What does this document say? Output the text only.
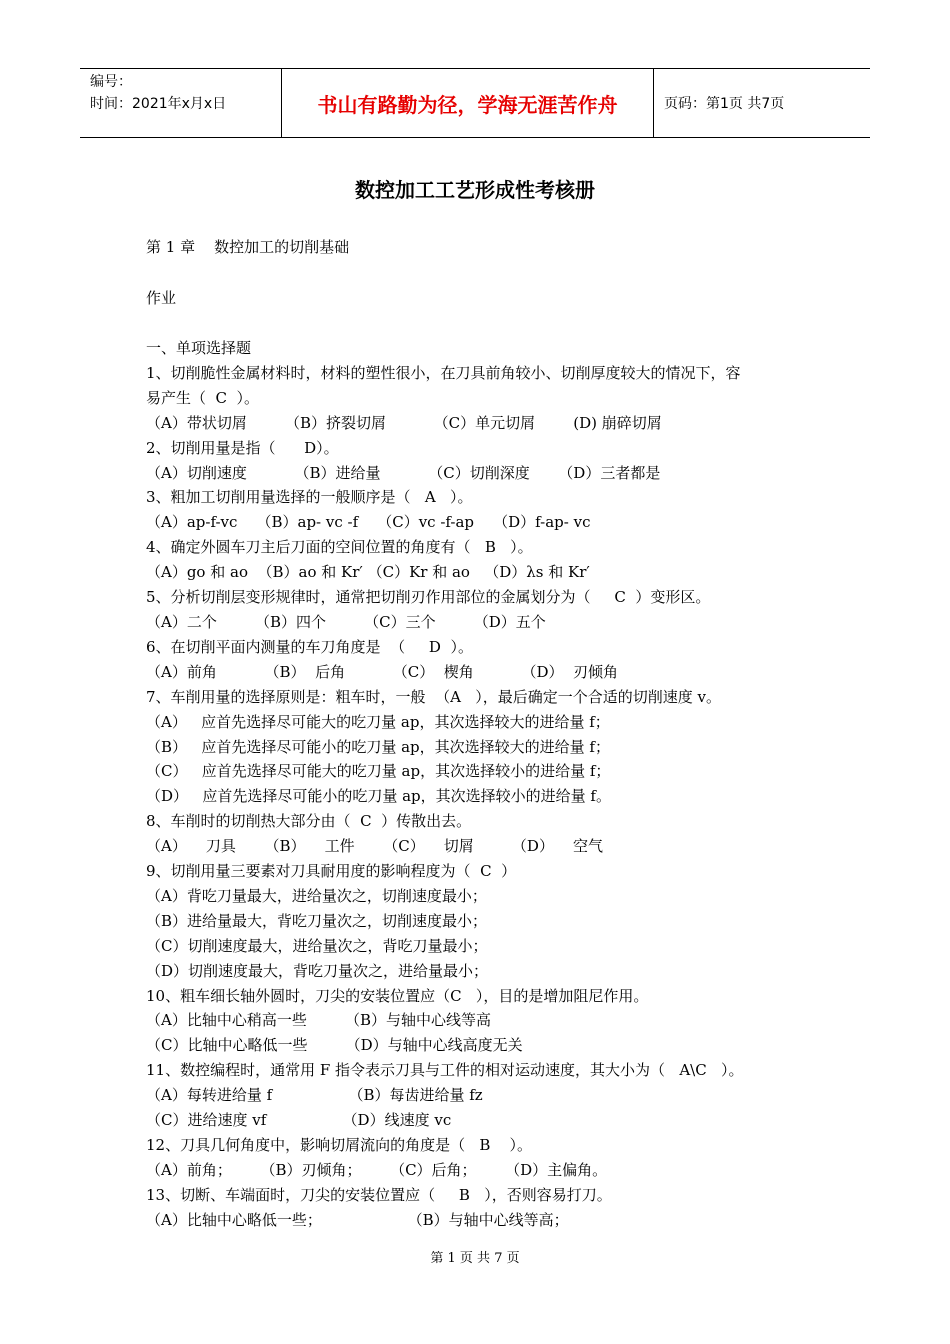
编号：
时间：2021年x月x日	书山有路勤为径，学海无涯苦作舟	页码：第1页 共7页
数控加工工艺形成性考核册
第 1 章    数控加工的切削基础
作业
一、单项选择题
1、切削脆性金属材料时，材料的塑性很小，在刀具前角较小、切削厚度较大的情况下，容
易产生（  C  ）。
（A）带状切屑        （B）挤裂切屑          （C）单元切屑        (D) 崩碎切屑
2、切削用量是指（      D）。
（A）切削速度          （B）进给量          （C）切削深度      （D）三者都是
3、粗加工切削用量选择的一般顺序是（   A   ）。
（A）ap-f-vc    （B）ap- vc -f    （C）vc -f-ap    （D）f-ap- vc
4、确定外圆车刀主后刀面的空间位置的角度有（   B   ）。
（A）go 和 ao  （B）ao 和 Kr′ （C）Kr 和 ao   （D）λs 和 Kr′
5、分析切削层变形规律时，通常把切削刃作用部位的金属划分为（     C  ）变形区。
（A）二个        （B）四个        （C）三个        （D）五个
6、在切削平面内测量的车刀角度是  （     D  ）。
（A）前角          （B）  后角          （C）  楔角          （D）  刃倾角
7、车削用量的选择原则是：粗车时，一般  （A   ），最后确定一个合适的切削速度 v。
（A）   应首先选择尽可能大的吃刀量 ap，其次选择较大的进给量 f；
（B）   应首先选择尽可能小的吃刀量 ap，其次选择较大的进给量 f；
（C）   应首先选择尽可能大的吃刀量 ap，其次选择较小的进给量 f；
（D）   应首先选择尽可能小的吃刀量 ap，其次选择较小的进给量 f。
8、车削时的切削热大部分由（  C  ）传散出去。
（A）    刀具      （B）    工件      （C）    切屑        （D）    空气
9、切削用量三要素对刀具耐用度的影响程度为（  C  ）
（A）背吃刀量最大，进给量次之，切削速度最小；
（B）进给量最大，背吃刀量次之，切削速度最小；
（C）切削速度最大，进给量次之，背吃刀量最小；
（D）切削速度最大，背吃刀量次之，进给量最小；
10、粗车细长轴外圆时，刀尖的安装位置应（C   ），目的是增加阻尼作用。
（A）比轴中心稍高一些        （B）与轴中心线等高
（C）比轴中心略低一些        （D）与轴中心线高度无关
11、数控编程时，通常用 F 指令表示刀具与工件的相对运动速度，其大小为（   A\C   ）。
（A）每转进给量 f                （B）每齿进给量 fz
（C）进给速度 vf                （D）线速度 vc
12、刀具几何角度中，影响切屑流向的角度是（   B    ）。
（A）前角；      （B）刃倾角；      （C）后角；      （D）主偏角。
13、切断、车端面时，刀尖的安装位置应（     B   ），否则容易打刀。
（A）比轴中心略低一些；                  （B）与轴中心线等高；
第 1 页 共 7 页
